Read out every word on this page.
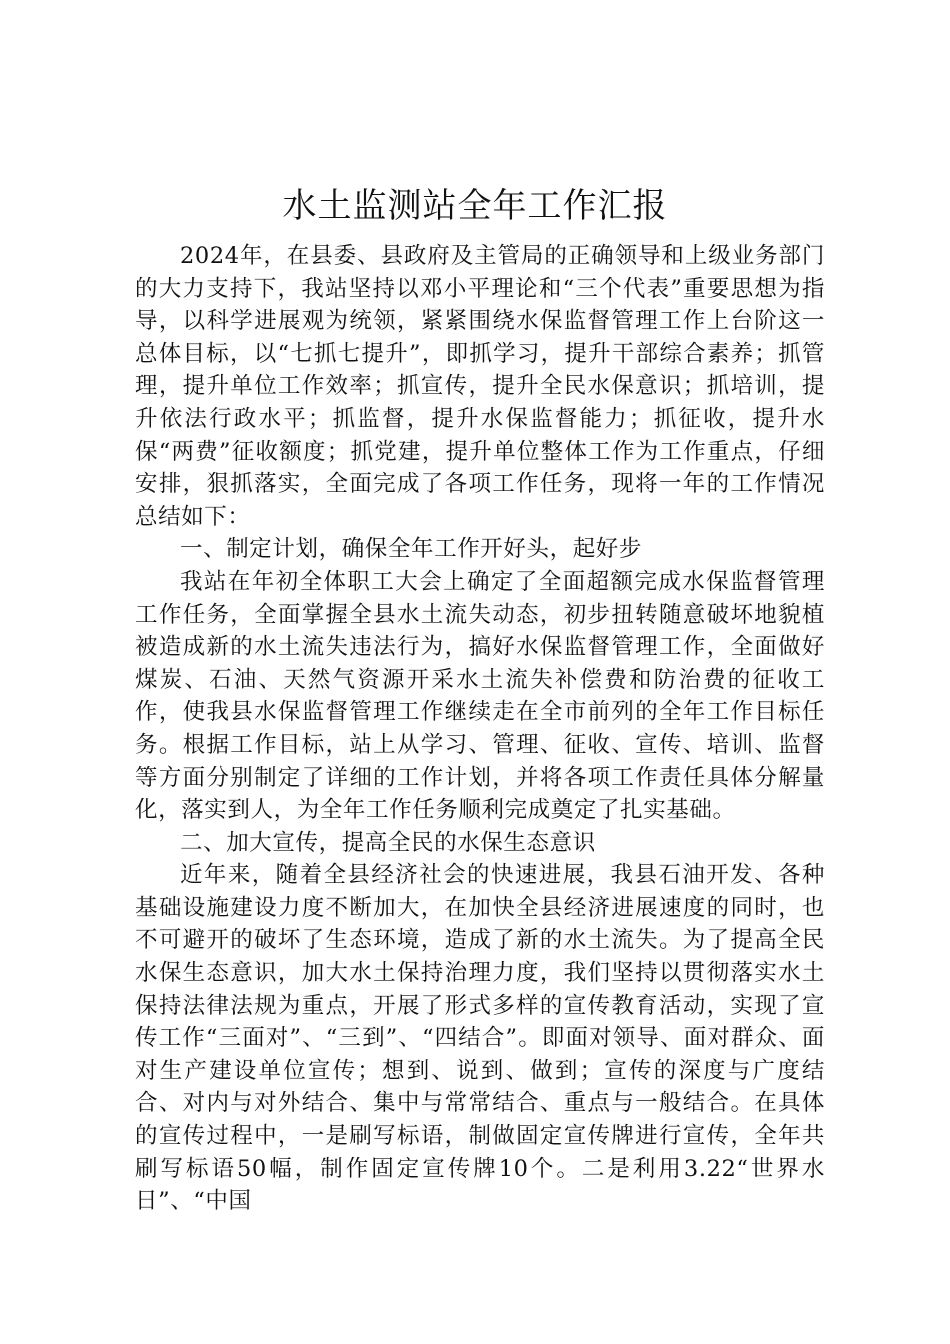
水土监测站全年工作汇报

2024年，在县委、县政府及主管局的正确领导和上级业务部门的大力支持下，我站坚持以邓小平理论和“三个代表”重要思想为指导，以科学进展观为统领，紧紧围绕水保监督管理工作上台阶这一总体目标，以“七抓七提升”，即抓学习，提升干部综合素养；抓管理，提升单位工作效率；抓宣传，提升全民水保意识；抓培训，提升依法行政水平；抓监督，提升水保监督能力；抓征收，提升水保“两费”征收额度；抓党建，提升单位整体工作为工作重点，仔细安排，狠抓落实，全面完成了各项工作任务，现将一年的工作情况总结如下：

一、制定计划，确保全年工作开好头，起好步

我站在年初全体职工大会上确定了全面超额完成水保监督管理工作任务，全面掌握全县水土流失动态，初步扭转随意破坏地貌植被造成新的水土流失违法行为，搞好水保监督管理工作，全面做好煤炭、石油、天然气资源开采水土流失补偿费和防治费的征收工作，使我县水保监督管理工作继续走在全市前列的全年工作目标任务。根据工作目标，站上从学习、管理、征收、宣传、培训、监督等方面分别制定了详细的工作计划，并将各项工作责任具体分解量化，落实到人，为全年工作任务顺利完成奠定了扎实基础。

二、加大宣传，提高全民的水保生态意识

近年来，随着全县经济社会的快速进展，我县石油开发、各种基础设施建设力度不断加大，在加快全县经济进展速度的同时，也不可避开的破坏了生态环境，造成了新的水土流失。为了提高全民水保生态意识，加大水土保持治理力度，我们坚持以贯彻落实水土保持法律法规为重点，开展了形式多样的宣传教育活动，实现了宣传工作“三面对”、“三到”、“四结合”。即面对领导、面对群众、面对生产建设单位宣传；想到、说到、做到；宣传的深度与广度结合、对内与对外结合、集中与常常结合、重点与一般结合。在具体的宣传过程中，一是刷写标语，制做固定宣传牌进行宣传，全年共刷写标语50幅，制作固定宣传牌10个。二是利用3.22“世界水日”、“中国
